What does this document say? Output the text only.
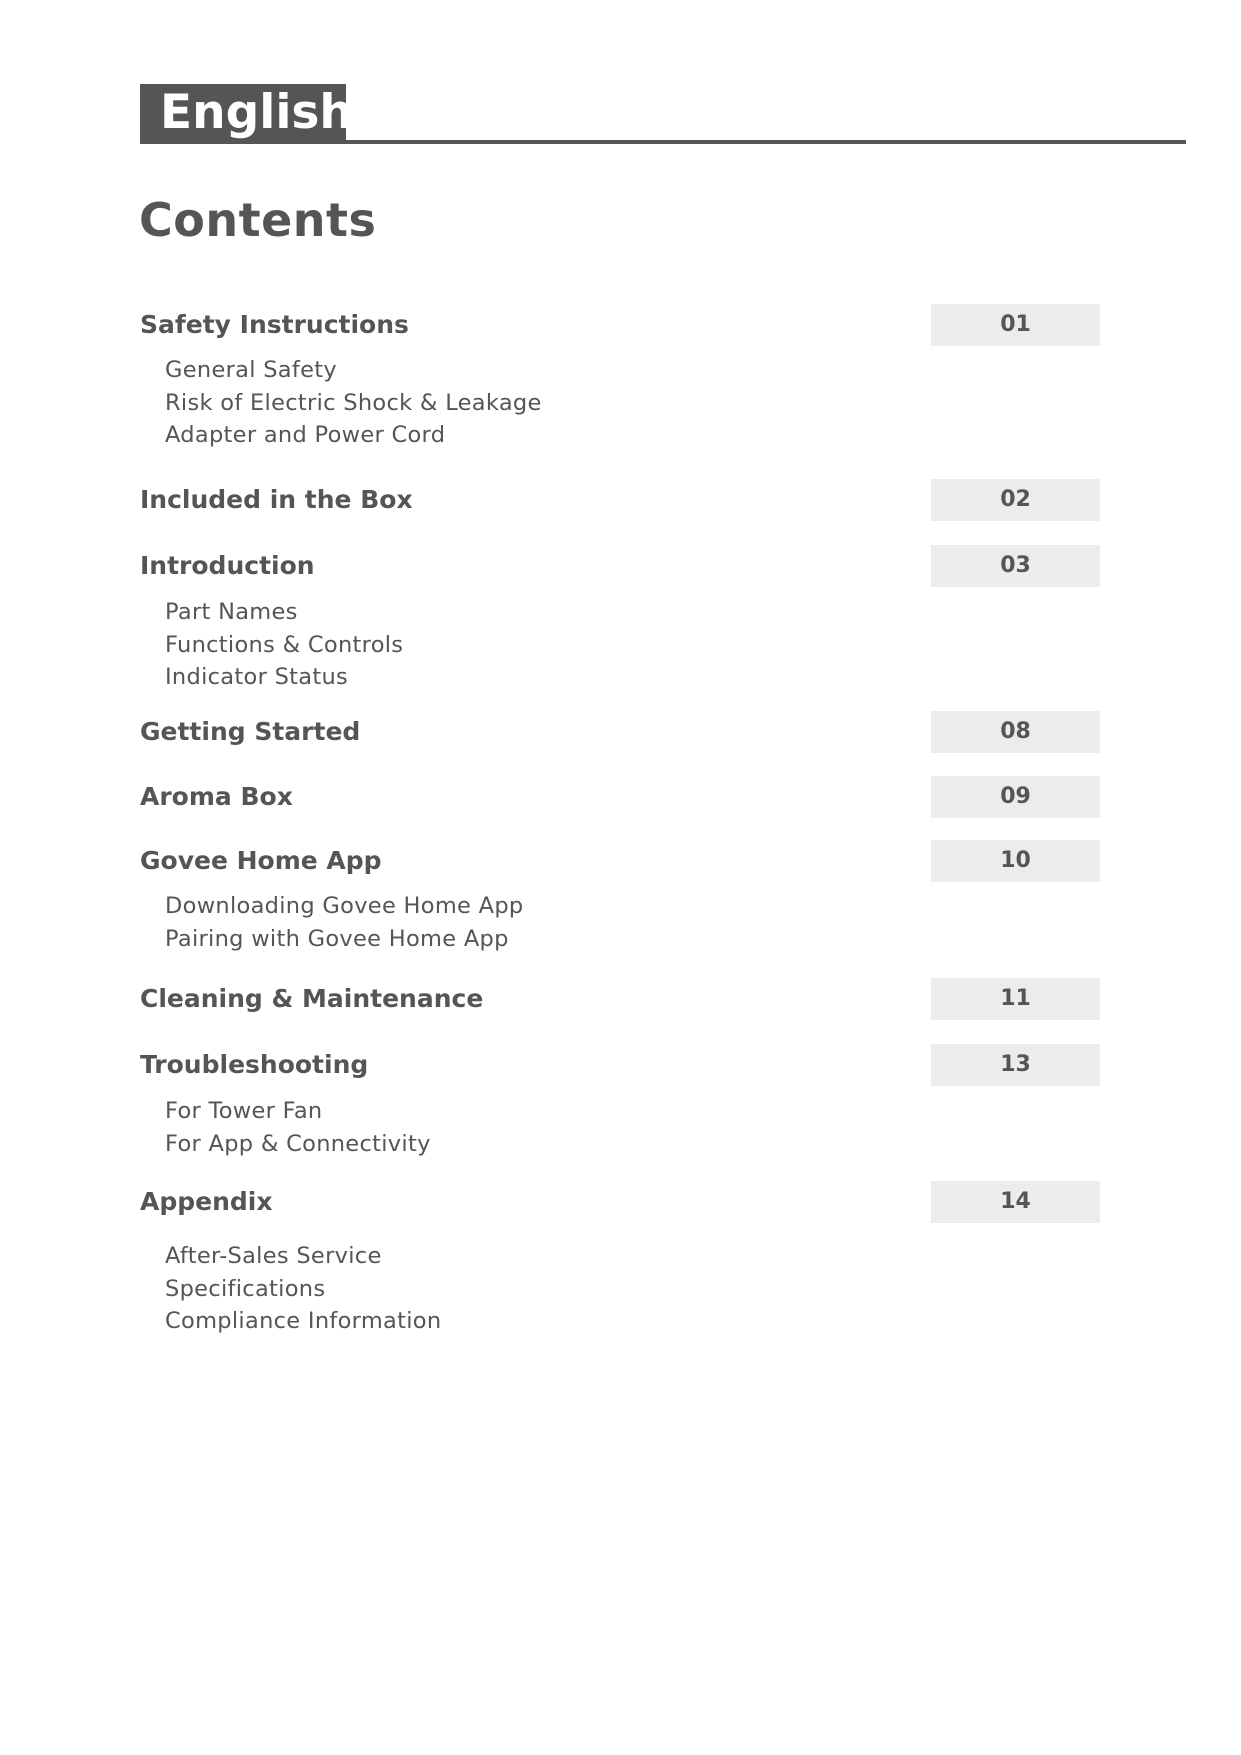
English
Contents
Safety Instructions	01
General Safety
Risk of Electric Shock & Leakage
Adapter and Power Cord
Included in the Box	02
Introduction	03
Part Names
Functions & Controls
Indicator Status
Getting Started	08
Aroma Box	09
Govee Home App	10
Downloading Govee Home App
Pairing with Govee Home App
Cleaning & Maintenance	11
Troubleshooting	13
For Tower Fan
For App & Connectivity
Appendix	14
After-Sales Service
Specifications
Compliance Information
